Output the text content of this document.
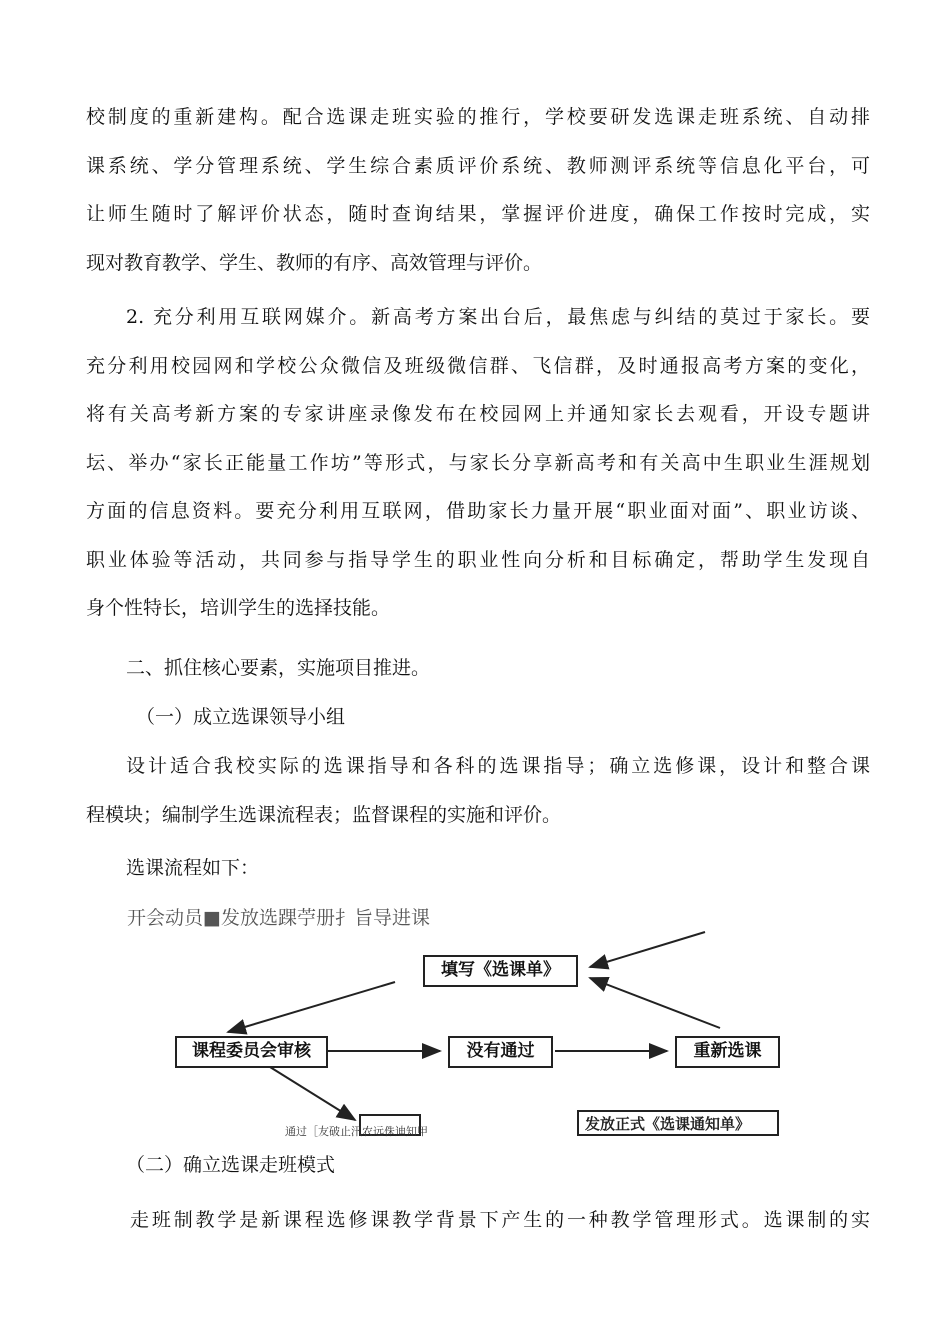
校制度的重新建构。配合选课走班实验的推行，学校要研发选课走班系统、自动排
课系统、学分管理系统、学生综合素质评价系统、教师测评系统等信息化平台，可
让师生随时了解评价状态，随时查询结果，掌握评价进度，确保工作按时完成，实
现对教育教学、学生、教师的有序、高效管理与评价。
2. 充分利用互联网媒介。新高考方案出台后，最焦虑与纠结的莫过于家长。要
充分利用校园网和学校公众微信及班级微信群、飞信群，及时通报高考方案的变化，
将有关高考新方案的专家讲座录像发布在校园网上并通知家长去观看，开设专题讲
坛、举办“家长正能量工作坊”等形式，与家长分享新高考和有关高中生职业生涯规划
方面的信息资料。要充分利用互联网，借助家长力量开展“职业面对面”、职业访谈、
职业体验等活动，共同参与指导学生的职业性向分析和目标确定，帮助学生发现自
身个性特长，培训学生的选择技能。
二、抓住核心要素，实施项目推进。
（一）成立选课领导小组
设计适合我校实际的选课指导和各科的选课指导；确立选修课，设计和整合课
程模块；编制学生选课流程表；监督课程的实施和评价。
选课流程如下：
开会动员■发放选踝苧册扌旨导进课
填写《选课单》
课程委员会审核	没有通过	重新选课
发放正式《选课通知单》
通过［友破止汛农远侏迪知甲
（二）确立选课走班模式
走班制教学是新课程选修课教学背景下产生的一种教学管理形式。选课制的实
